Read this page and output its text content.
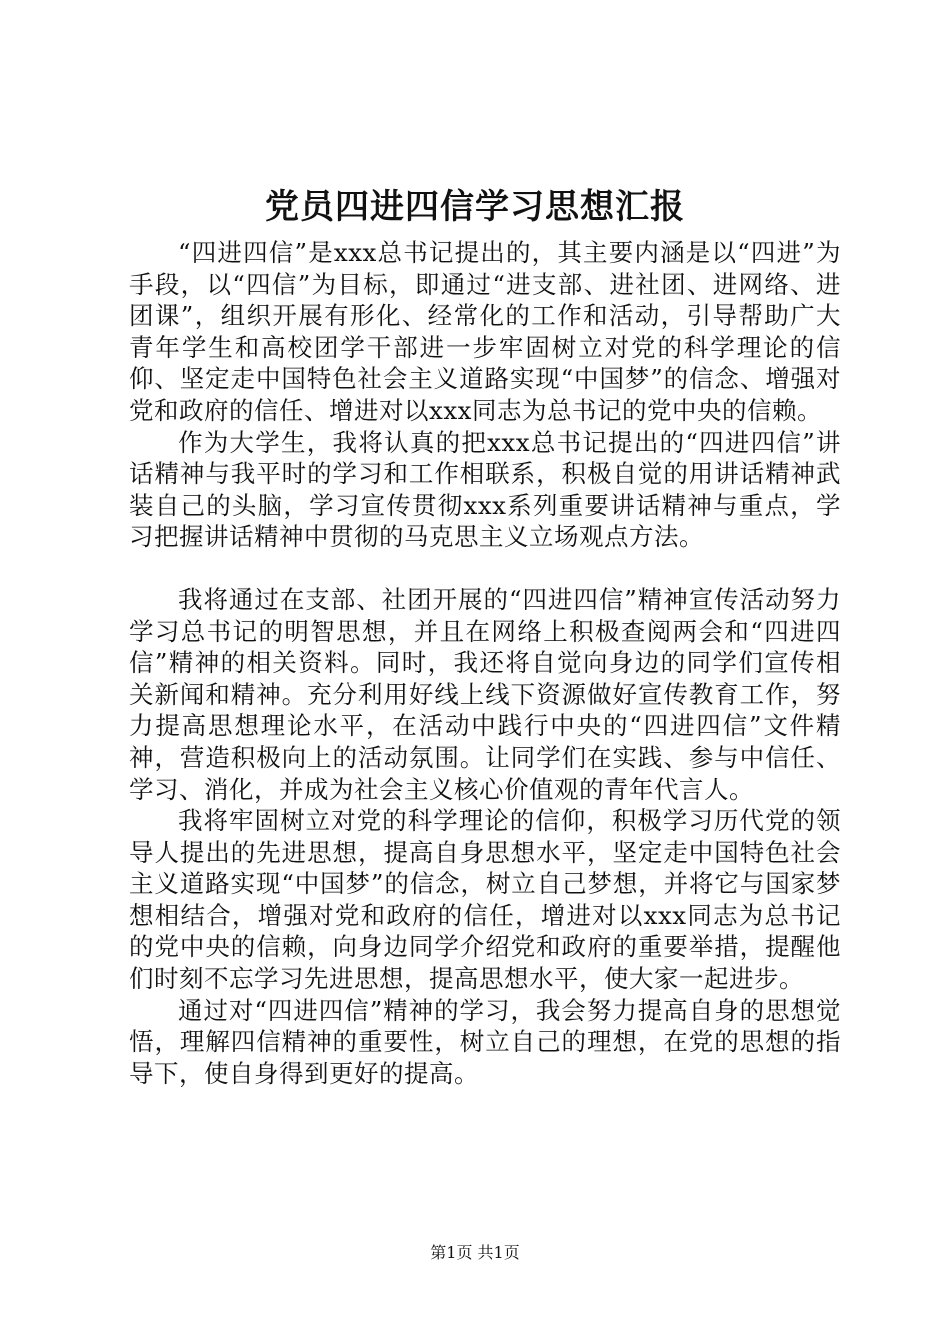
党员四进四信学习思想汇报

“四进四信”是xxx总书记提出的，其主要内涵是以“四进”为手段，以“四信”为目标，即通过“进支部、进社团、进网络、进团课”，组织开展有形化、经常化的工作和活动，引导帮助广大青年学生和高校团学干部进一步牢固树立对党的科学理论的信仰、坚定走中国特色社会主义道路实现“中国梦”的信念、增强对党和政府的信任、增进对以xxx同志为总书记的党中央的信赖。

作为大学生，我将认真的把xxx总书记提出的“四进四信”讲话精神与我平时的学习和工作相联系，积极自觉的用讲话精神武装自己的头脑，学习宣传贯彻xxx系列重要讲话精神与重点，学习把握讲话精神中贯彻的马克思主义立场观点方法。

我将通过在支部、社团开展的“四进四信”精神宣传活动努力学习总书记的明智思想，并且在网络上积极查阅两会和“四进四信”精神的相关资料。同时，我还将自觉向身边的同学们宣传相关新闻和精神。充分利用好线上线下资源做好宣传教育工作，努力提高思想理论水平，在活动中践行中央的“四进四信”文件精神，营造积极向上的活动氛围。让同学们在实践、参与中信任、学习、消化，并成为社会主义核心价值观的青年代言人。

我将牢固树立对党的科学理论的信仰，积极学习历代党的领导人提出的先进思想，提高自身思想水平，坚定走中国特色社会主义道路实现“中国梦”的信念，树立自己梦想，并将它与国家梦想相结合，增强对党和政府的信任，增进对以xxx同志为总书记的党中央的信赖，向身边同学介绍党和政府的重要举措，提醒他们时刻不忘学习先进思想，提高思想水平，使大家一起进步。

通过对“四进四信”精神的学习，我会努力提高自身的思想觉悟，理解四信精神的重要性，树立自己的理想，在党的思想的指导下，使自身得到更好的提高。

第1页 共1页
